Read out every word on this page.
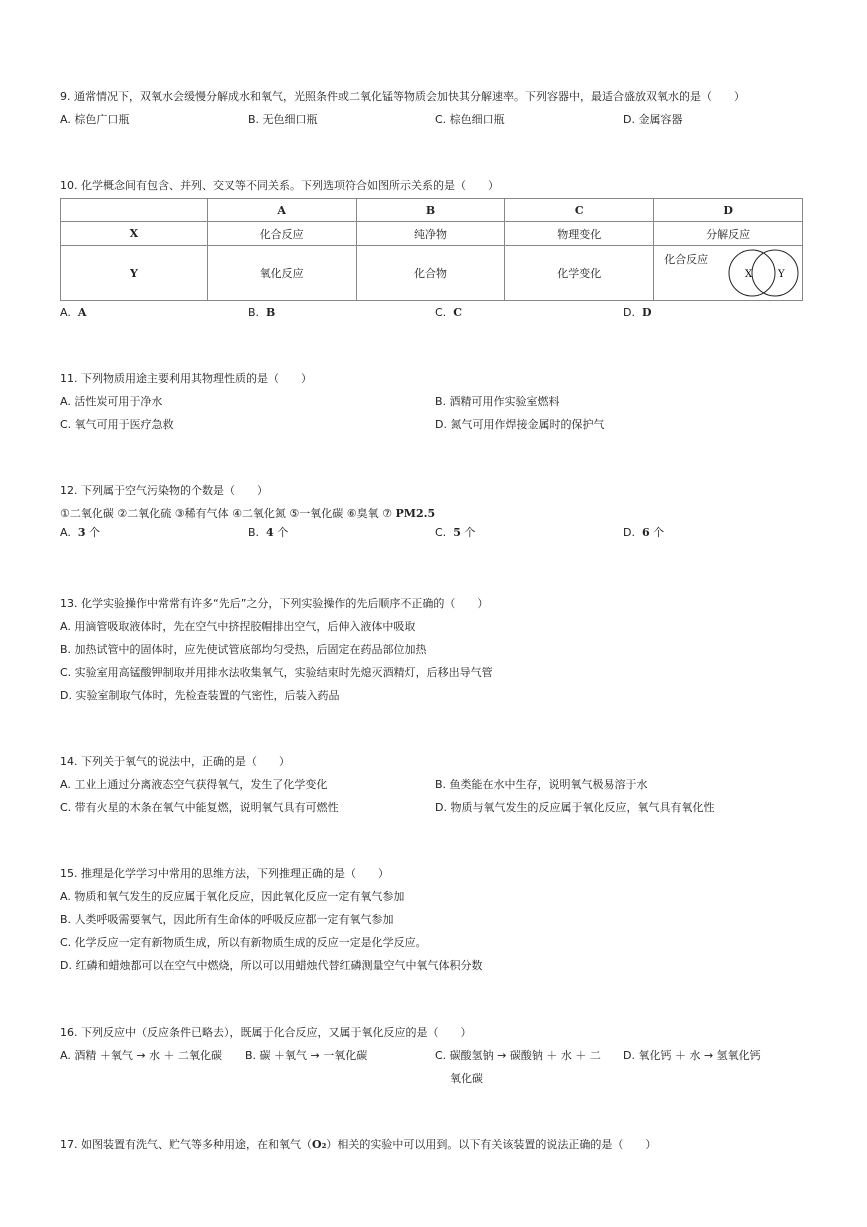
9. 通常情况下，双氧水会缓慢分解成水和氧气，光照条件或二氧化锰等物质会加快其分解速率。下列容器中，最适合盛放双氧水的是（　　）
A. 棕色广口瓶	B. 无色细口瓶	C. 棕色细口瓶	D. 金属容器
10. 化学概念间有包含、并列、交叉等不同关系。下列选项符合如图所示关系的是（　　）
	A	B	C	D
X	化合反应	纯净物	物理变化	分解反应
Y	氧化反应	化合物	化学变化	化合反应
X Y
A. A	B. B	C. C	D. D
11. 下列物质用途主要利用其物理性质的是（　　）
A. 活性炭可用于净水	B. 酒精可用作实验室燃料
C. 氧气可用于医疗急救	D. 氮气可用作焊接金属时的保护气
12. 下列属于空气污染物的个数是（　　）
①二氧化碳 ②二氧化硫 ③稀有气体 ④二氧化氮 ⑤一氧化碳 ⑥臭氧 ⑦ PM2.5
A. 3 个	B. 4 个	C. 5 个	D. 6 个
13. 化学实验操作中常常有许多“先后”之分，下列实验操作的先后顺序不正确的（　　）
A. 用滴管吸取液体时，先在空气中挤捏胶帽排出空气，后伸入液体中吸取
B. 加热试管中的固体时，应先使试管底部均匀受热，后固定在药品部位加热
C. 实验室用高锰酸钾制取并用排水法收集氧气，实验结束时先熄灭酒精灯，后移出导气管
D. 实验室制取气体时，先检查装置的气密性，后装入药品
14. 下列关于氧气的说法中，正确的是（　　）
A. 工业上通过分离液态空气获得氧气，发生了化学变化	B. 鱼类能在水中生存，说明氧气极易溶于水
C. 带有火星的木条在氧气中能复燃，说明氧气具有可燃性	D. 物质与氧气发生的反应属于氧化反应，氧气具有氧化性
15. 推理是化学学习中常用的思维方法，下列推理正确的是（　　）
A. 物质和氧气发生的反应属于氧化反应，因此氧化反应一定有氧气参加
B. 人类呼吸需要氧气，因此所有生命体的呼吸反应都一定有氧气参加
C. 化学反应一定有新物质生成，所以有新物质生成的反应一定是化学反应。
D. 红磷和蜡烛都可以在空气中燃烧，所以可以用蜡烛代替红磷测量空气中氧气体积分数
16. 下列反应中（反应条件已略去），既属于化合反应，又属于氧化反应的是（　　）
A. 酒精 ＋氧气 → 水 ＋ 二氧化碳 B. 碳 ＋氧气 → 一氧化碳	C. 碳酸氢钠 → 碳酸钠 ＋ 水 ＋ 二 D. 氧化钙 ＋ 水 → 氢氧化钙
氧化碳
17. 如图装置有洗气、贮气等多种用途，在和氧气（O₂）相关的实验中可以用到。以下有关该装置的说法正确的是（　　）
